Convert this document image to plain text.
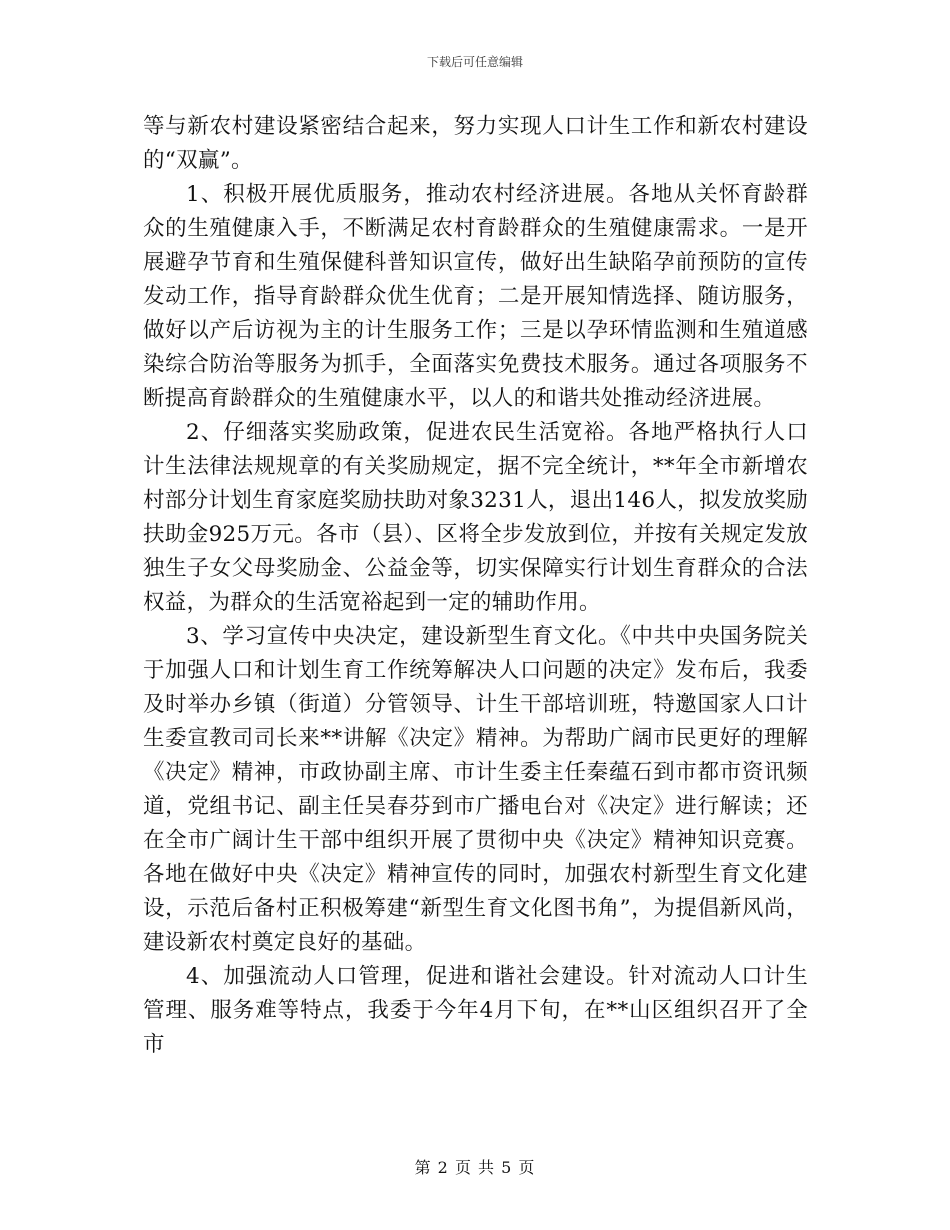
下载后可任意编辑

等与新农村建设紧密结合起来，努力实现人口计生工作和新农村建设的“双赢”。

1、积极开展优质服务，推动农村经济进展。各地从关怀育龄群众的生殖健康入手，不断满足农村育龄群众的生殖健康需求。一是开展避孕节育和生殖保健科普知识宣传，做好出生缺陷孕前预防的宣传发动工作，指导育龄群众优生优育；二是开展知情选择、随访服务，做好以产后访视为主的计生服务工作；三是以孕环情监测和生殖道感染综合防治等服务为抓手，全面落实免费技术服务。通过各项服务不断提高育龄群众的生殖健康水平，以人的和谐共处推动经济进展。

2、仔细落实奖励政策，促进农民生活宽裕。各地严格执行人口计生法律法规规章的有关奖励规定，据不完全统计，**年全市新增农村部分计划生育家庭奖励扶助对象3231人，退出146人，拟发放奖励扶助金925万元。各市（县）、区将全步发放到位，并按有关规定发放独生子女父母奖励金、公益金等，切实保障实行计划生育群众的合法权益，为群众的生活宽裕起到一定的辅助作用。

3、学习宣传中央决定，建设新型生育文化。《中共中央国务院关于加强人口和计划生育工作统筹解决人口问题的决定》发布后，我委及时举办乡镇（街道）分管领导、计生干部培训班，特邀国家人口计生委宣教司司长来**讲解《决定》精神。为帮助广阔市民更好的理解《决定》精神，市政协副主席、市计生委主任秦蕴石到市都市资讯频道，党组书记、副主任吴春芬到市广播电台对《决定》进行解读；还在全市广阔计生干部中组织开展了贯彻中央《决定》精神知识竞赛。各地在做好中央《决定》精神宣传的同时，加强农村新型生育文化建设，示范后备村正积极筹建“新型生育文化图书角”，为提倡新风尚，建设新农村奠定良好的基础。

4、加强流动人口管理，促进和谐社会建设。针对流动人口计生管理、服务难等特点，我委于今年4月下旬，在**山区组织召开了全市

第 2 页 共 5 页
